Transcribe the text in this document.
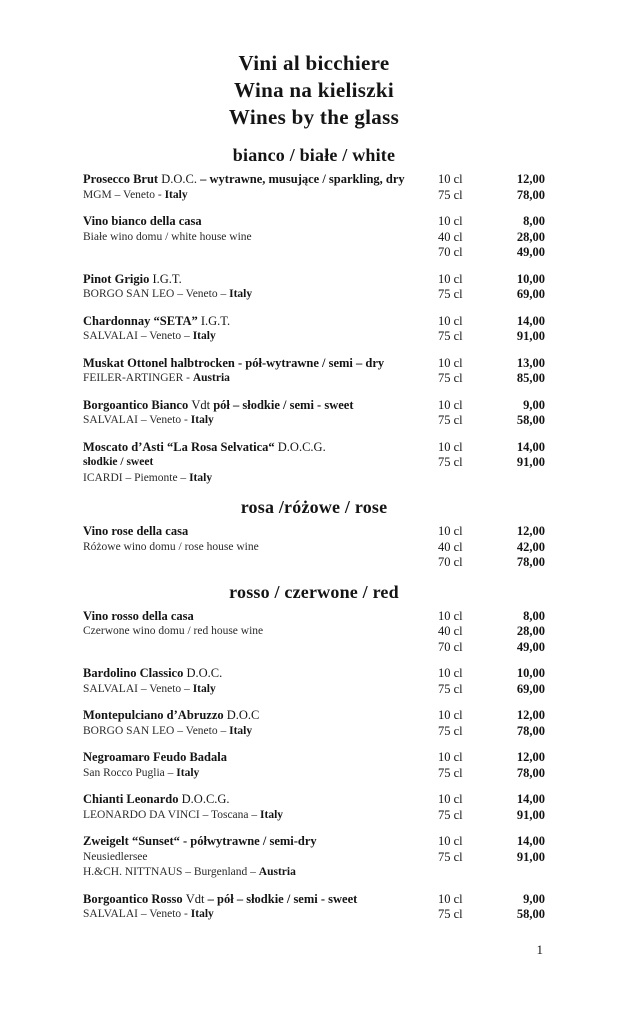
Vini al bicchiere
Wina na kieliszki
Wines by the glass
bianco / białe / white
Prosecco Brut D.O.C. – wytrawne, musujące / sparkling, dry
MGM – Veneto - Italy
10 cl	12,00
75 cl	78,00
Vino bianco della casa
Białe wino domu / white house wine
10 cl	8,00
40 cl	28,00
70 cl	49,00
Pinot Grigio I.G.T.
BORGO SAN LEO – Veneto – Italy
10 cl	10,00
75 cl	69,00
Chardonnay “SETA” I.G.T.
SALVALAI – Veneto – Italy
10 cl	14,00
75 cl	91,00
Muskat Ottonel halbtrocken - pół-wytrawne / semi – dry
FEILER-ARTINGER - Austria
10 cl	13,00
75 cl	85,00
Borgoantico Bianco Vdt pół – słodkie / semi - sweet
SALVALAI – Veneto - Italy
10 cl	9,00
75 cl	58,00
Moscato d’Asti “La Rosa Selvatica“ D.O.C.G.
słodkie / sweet
ICARDI – Piemonte – Italy
10 cl	14,00
75 cl	91,00
rosa /różowe / rose
Vino rose della casa
Różowe wino domu / rose house wine
10 cl	12,00
40 cl	42,00
70 cl	78,00
rosso / czerwone / red
Vino rosso della casa
Czerwone wino domu / red house wine
10 cl	8,00
40 cl	28,00
70 cl	49,00
Bardolino Classico D.O.C.
SALVALAI – Veneto – Italy
10 cl	10,00
75 cl	69,00
Montepulciano d’Abruzzo D.O.C
BORGO SAN LEO – Veneto – Italy
10 cl	12,00
75 cl	78,00
Negroamaro Feudo Badala
San Rocco Puglia – Italy
10 cl	12,00
75 cl	78,00
Chianti Leonardo D.O.C.G.
LEONARDO DA VINCI – Toscana – Italy
10 cl	14,00
75 cl	91,00
Zweigelt “Sunset“ - półwytrawne / semi-dry
Neusiedlersee
H.&CH. NITTNAUS – Burgenland – Austria
10 cl	14,00
75 cl	91,00
Borgoantico Rosso Vdt – pół – słodkie / semi - sweet
SALVALAI – Veneto - Italy
10 cl	9,00
75 cl	58,00
1
